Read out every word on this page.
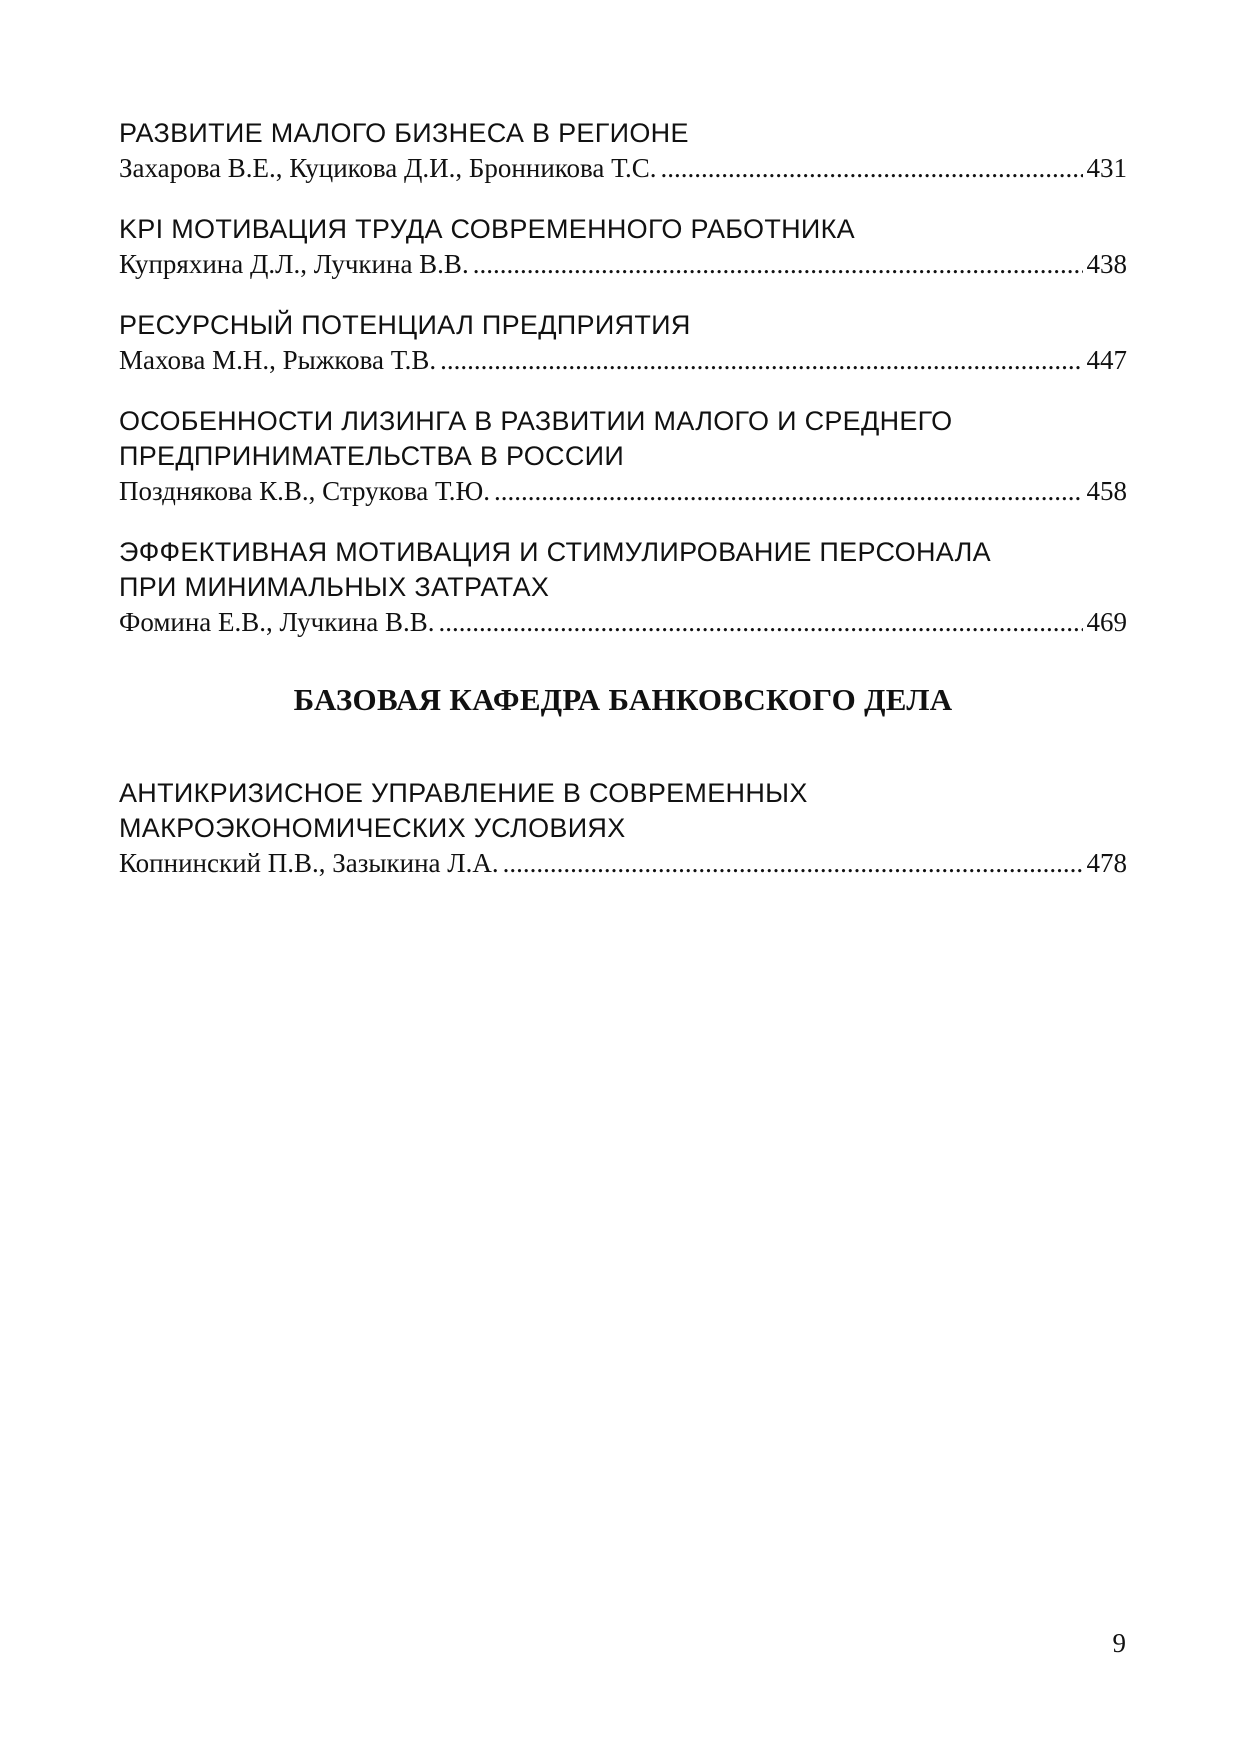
РАЗВИТИЕ МАЛОГО БИЗНЕСА В РЕГИОНЕ
Захарова В.Е., Куцикова Д.И., Бронникова Т.С. .....	431
KPI МОТИВАЦИЯ ТРУДА СОВРЕМЕННОГО РАБОТНИКА
Купряхина Д.Л., Лучкина В.В. .....	438
РЕСУРСНЫЙ ПОТЕНЦИАЛ ПРЕДПРИЯТИЯ
Махова М.Н., Рыжкова Т.В. .....	447
ОСОБЕННОСТИ ЛИЗИНГА В РАЗВИТИИ МАЛОГО И СРЕДНЕГО
ПРЕДПРИНИМАТЕЛЬСТВА В РОССИИ
Позднякова К.В., Струкова Т.Ю. .....	458
ЭФФЕКТИВНАЯ МОТИВАЦИЯ И СТИМУЛИРОВАНИЕ ПЕРСОНАЛА
ПРИ МИНИМАЛЬНЫХ ЗАТРАТАХ
Фомина Е.В., Лучкина В.В. .....	469
БАЗОВАЯ КАФЕДРА БАНКОВСКОГО ДЕЛА
АНТИКРИЗИСНОЕ УПРАВЛЕНИЕ В СОВРЕМЕННЫХ
МАКРОЭКОНОМИЧЕСКИХ УСЛОВИЯХ
Копнинский П.В., Зазыкина Л.А. .....	478
9
